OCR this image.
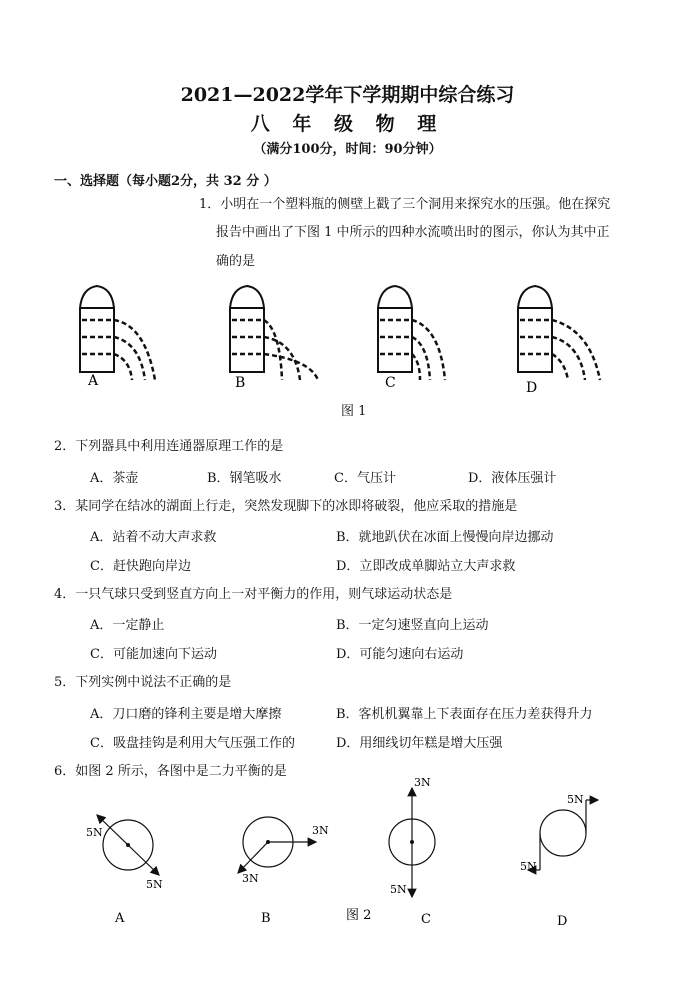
2021—2022学年下学期期中综合练习
八 年 级 物 理
（满分100分，时间：90分钟）
一、选择题（每小题2分，共 32 分 ）
1．小明在一个塑料瓶的侧壁上戳了三个洞用来探究水的压强。他在探究
报告中画出了下图 1 中所示的四种水流喷出时的图示，你认为其中正
确的是
A	B	C	D
图 1
2．下列器具中利用连通器原理工作的是
A．茶壶	B．钢笔吸水	C．气压计	D．液体压强计
3．某同学在结冰的湖面上行走，突然发现脚下的冰即将破裂，他应采取的措施是
A．站着不动大声求救	B．就地趴伏在冰面上慢慢向岸边挪动
C．赶快跑向岸边	D．立即改成单脚站立大声求救
4．一只气球只受到竖直方向上一对平衡力的作用，则气球运动状态是
A．一定静止	B．一定匀速竖直向上运动
C．可能加速向下运动	D．可能匀速向右运动
5．下列实例中说法不正确的是
A．刀口磨的锋利主要是增大摩擦	B．客机机翼靠上下表面存在压力差获得升力
C．吸盘挂钩是利用大气压强工作的	D．用细线切年糕是增大压强
6．如图 2 所示，各图中是二力平衡的是
5N
5N
3N
3N
3N
5N
5N
5N
A	B	图 2	C	D
